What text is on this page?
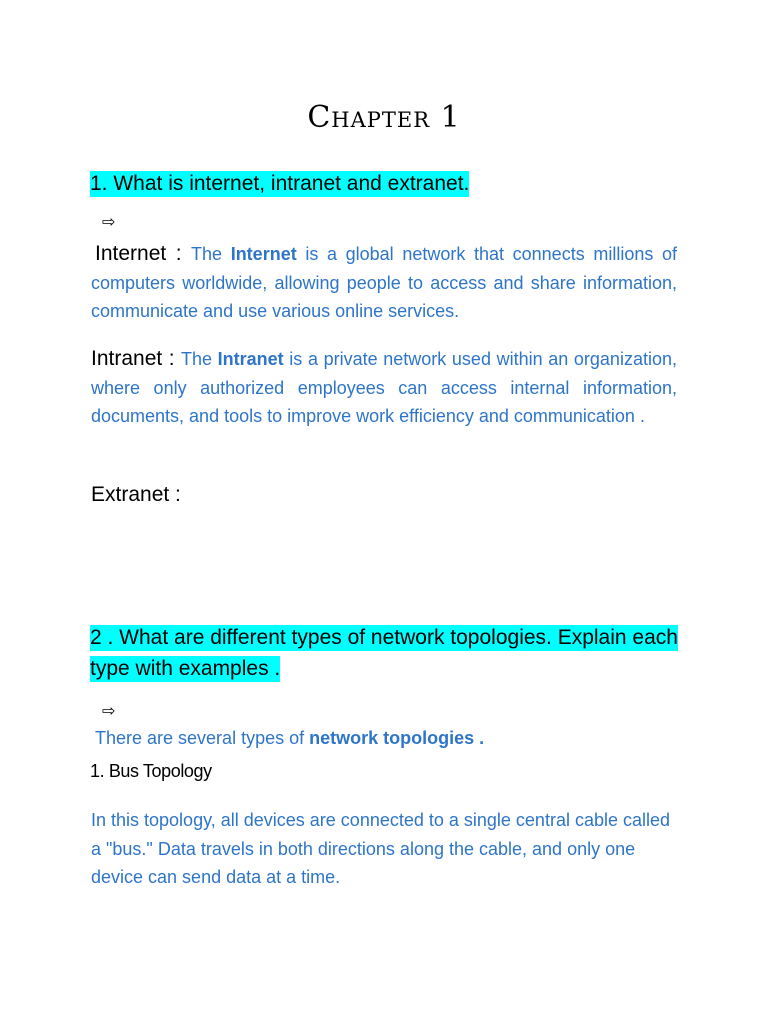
Chapter 1
1. What is internet, intranet and extranet.
⇨
Internet : The Internet is a global network that connects millions of computers worldwide, allowing people to access and share information, communicate and use various online services.
Intranet : The Intranet is a private network used within an organization, where only authorized employees can access internal information, documents, and tools to improve work efficiency and communication .
Extranet :
2 . What are different types of network topologies. Explain each type with examples .
⇨
There are several types of network topologies .
1. Bus Topology
In this topology, all devices are connected to a single central cable called a "bus." Data travels in both directions along the cable, and only one device can send data at a time.
